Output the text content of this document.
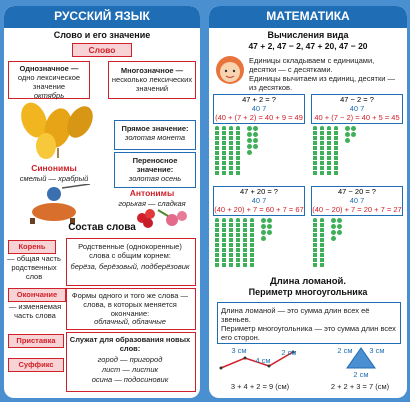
РУССКИЙ ЯЗЫК
Слово и его значение
Слово
Однозначное —
одно лексическое значение
октябрь
Многозначное —
несколько лексических значений
Прямое значение:
золотая монета
Переносное значение:
золотая осень
Синонимы
смелый — храбрый
Антонимы
горькая — сладкая
Состав слова
Корень
— общая часть родственных слов
Родственные (однокоренные) слова с общим корнем:
берёза, берёзовый, подберёзовик
Окончание
— изменяемая часть слова
Формы одного и того же слова — слова, в которых меняется окончание:
облачный, облачные
Приставка
Суффикс
Служат для образования новых слов:
город — пригород
лист — листик
осина — подосиновик
МАТЕМАТИКА
Вычисления вида
47 + 2, 47 − 2, 47 + 20, 47 − 20
Единицы складываем с единицами, десятки — с десятками.
Единицы вычитаем из единиц, десятки — из десятков.
47 + 2 = ?
40 7
(40 + (7 + 2) = 40 + 9 = 49
47 − 2 = ?
40 7
40 + (7 − 2) = 40 + 5 = 45
47 + 20 = ?
40 7
(40 + 20) + 7 = 60 + 7 = 67
47 − 20 = ?
40 7
(40 − 20) + 7 = 20 + 7 = 27
Длина ломаной.
Периметр многоугольника
Длина ломаной — это сумма длин всех её звеньев.
Периметр многоугольника — это сумма длин всех его сторон.
3 см
4 см
2 см	2 см	3 см
2 см
3 + 4 + 2 = 9 (см)	2 + 2 + 3 = 7 (см)
